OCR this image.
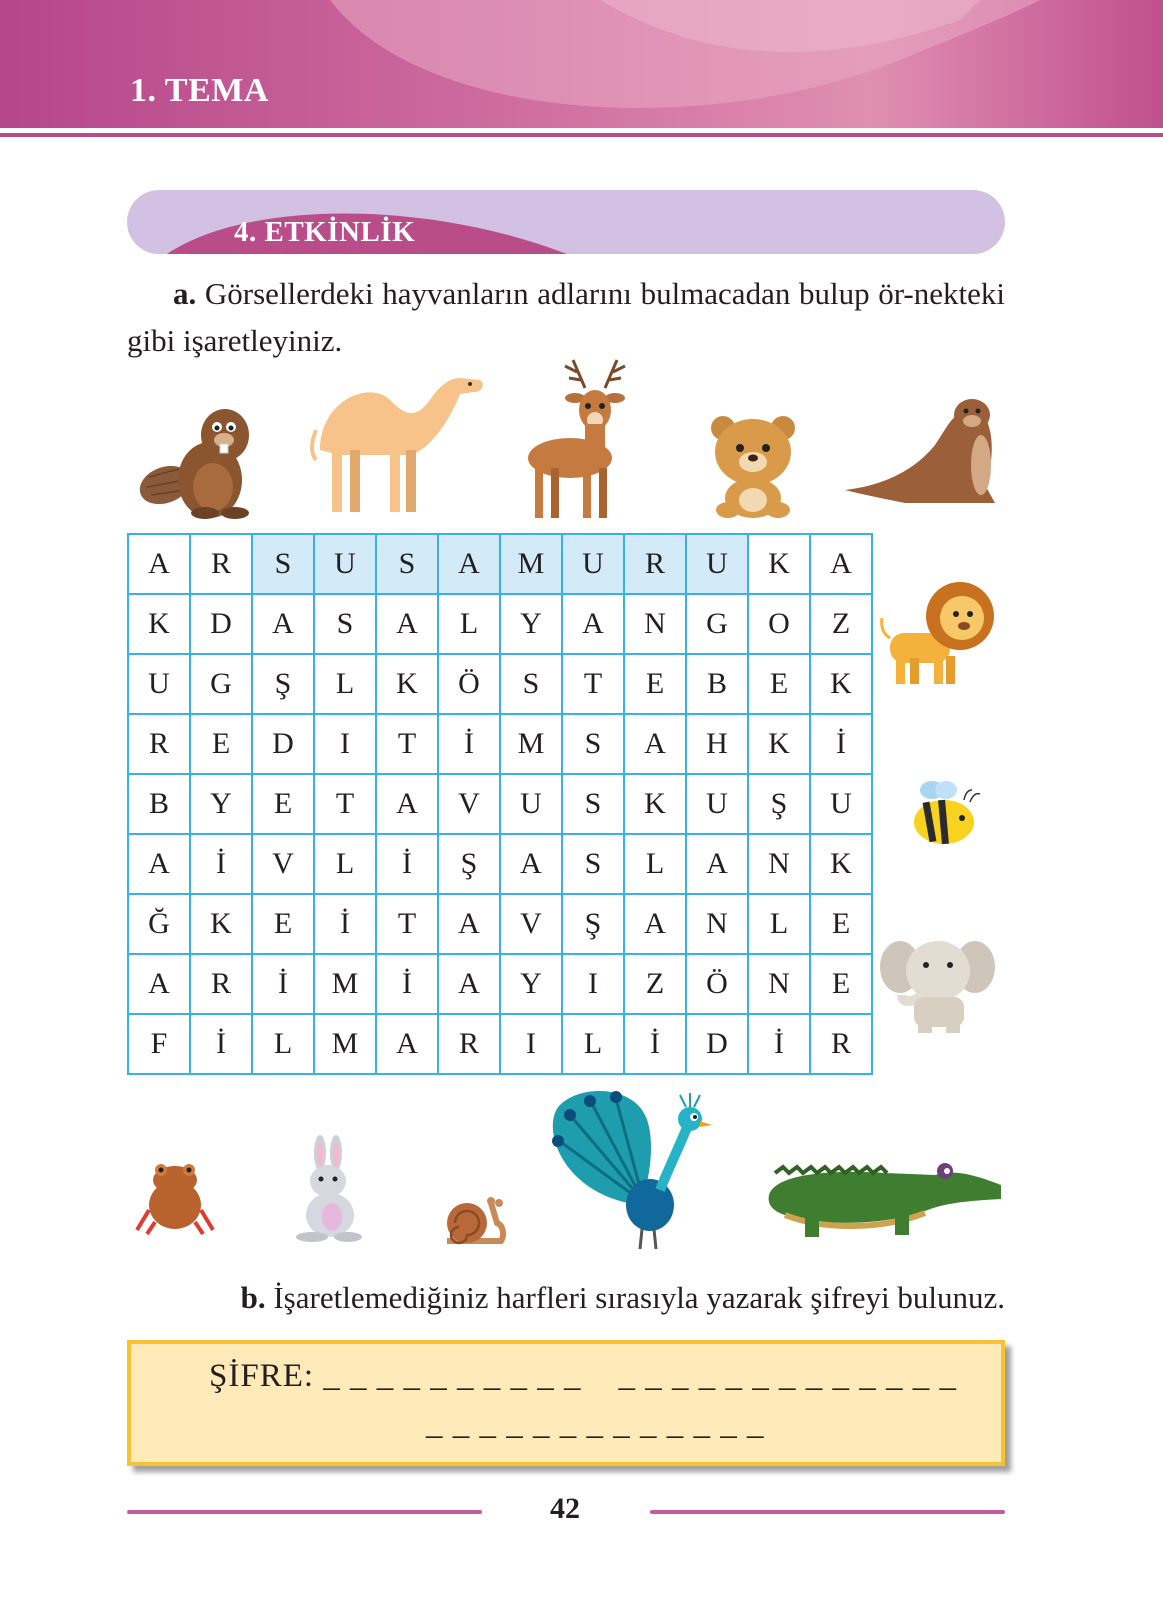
1. TEMA
4. ETKİNLİK

a. Görsellerdeki hayvanların adlarını bulmacadan bulup ör-nekteki gibi işaretleyiniz.

A	R	S	U	S	A	M	U	R	U	K	A
K	D	A	S	A	L	Y	A	N	G	O	Z
U	G	Ş	L	K	Ö	S	T	E	B	E	K
R	E	D	I	T	İ	M	S	A	H	K	İ
B	Y	E	T	A	V	U	S	K	U	Ş	U
A	İ	V	L	İ	Ş	A	S	L	A	N	K
Ğ	K	E	İ	T	A	V	Ş	A	N	L	E
A	R	İ	M	İ	A	Y	I	Z	Ö	N	E
F	İ	L	M	A	R	I	L	İ	D	İ	R

b. İşaretlemediğiniz harfleri sırasıyla yazarak şifreyi bulunuz.

ŞİFRE: _ _ _ _ _ _ _ _ _ _    _ _ _ _ _ _ _ _ _ _ _ _ _

_ _ _ _ _ _ _ _ _ _ _ _ _

42
